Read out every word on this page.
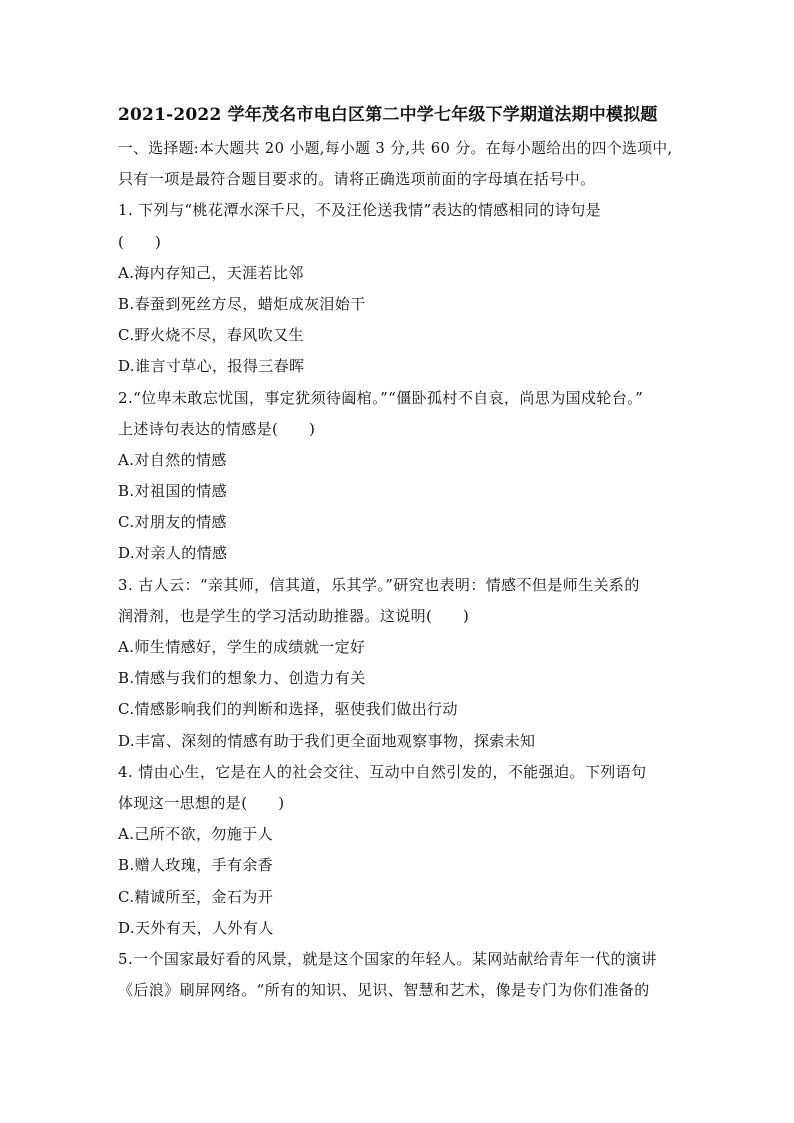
2021-2022 学年茂名市电白区第二中学七年级下学期道法期中模拟题

一、选择题:本大题共 20 小题,每小题 3 分,共 60 分。在每小题给出的四个选项中,

只有一项是最符合题目要求的。请将正确选项前面的字母填在括号中。

1. 下列与“桃花潭水深千尺，不及汪伦送我情”表达的情感相同的诗句是

(　　)

A.海内存知己，天涯若比邻

B.春蚕到死丝方尽，蜡炬成灰泪始干

C.野火烧不尽，春风吹又生

D.谁言寸草心，报得三春晖

2.“位卑未敢忘忧国，事定犹须待阖棺。”“僵卧孤村不自哀，尚思为国戍轮台。”

上述诗句表达的情感是(　　)

A.对自然的情感

B.对祖国的情感

C.对朋友的情感

D.对亲人的情感

3. 古人云：“亲其师，信其道，乐其学。”研究也表明：情感不但是师生关系的

润滑剂，也是学生的学习活动助推器。这说明(　　)

A.师生情感好，学生的成绩就一定好

B.情感与我们的想象力、创造力有关

C.情感影响我们的判断和选择，驱使我们做出行动

D.丰富、深刻的情感有助于我们更全面地观察事物，探索未知

4. 情由心生，它是在人的社会交往、互动中自然引发的，不能强迫。下列语句

体现这一思想的是(　　)

A.己所不欲，勿施于人

B.赠人玫瑰，手有余香

C.精诚所至，金石为开

D.天外有天，人外有人

5.一个国家最好看的风景，就是这个国家的年轻人。某网站献给青年一代的演讲

《后浪》刷屏网络。“所有的知识、见识、智慧和艺术，像是专门为你们准备的
